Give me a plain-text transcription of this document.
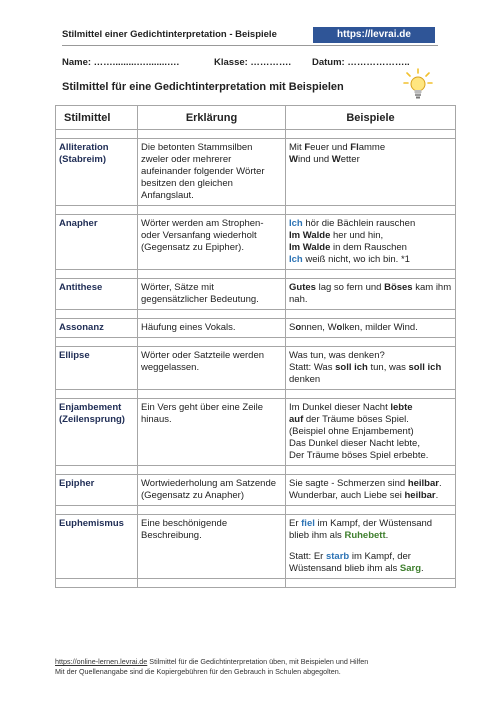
Stilmittel einer Gedichtinterpretation - Beispiele	https://levrai.de
Name: …….........…........….	Klasse: …………. Datum: ………………..
Stilmittel für eine Gedichtinterpretation mit Beispielen
Stilmittel	Erklärung	Beispiele

Alliteration (Stabreim)	Die betonten Stammsilben zweler oder mehrerer aufeinander folgender Wörter besitzen den gleichen Anfangslaut.	Mit Feuer und Flamme
Wind und Wetter

Anapher	Wörter werden am Strophen- oder Versanfang wiederholt (Gegensatz zu Epipher).	Ich hör die Bächlein rauschen
Im Walde her und hin,
Im Walde in dem Rauschen
Ich weiß nicht, wo ich bin. *1

Antithese	Wörter, Sätze mit gegensätzlicher Bedeutung.	Gutes lag so fern und Böses kam ihm nah.

Assonanz	Häufung eines Vokals.	Sonnen, Wolken, milder Wind.

Ellipse	Wörter oder Satzteile werden weggelassen.	Was tun, was denken?
Statt: Was soll ich tun, was soll ich denken

Enjambement (Zeilensprung)	Ein Vers geht über eine Zeile hinaus.	Im Dunkel dieser Nacht lebte
auf der Träume böses Spiel.
(Beispiel ohne Enjambement)
Das Dunkel dieser Nacht lebte,
Der Träume böses Spiel erbebte.

Epipher	Wortwiederholung am Satzende (Gegensatz zu Anapher)	Sie sagte - Schmerzen sind heilbar.
Wunderbar, auch Liebe sei heilbar.

Euphemismus	Eine beschönigende Beschreibung.	Er fiel im Kampf, der Wüstensand
blieb ihm als Ruhebett.
Statt: Er starb im Kampf, der
Wüstensand blieb ihm als Sarg.

https://online-lernen.levrai.de Stilmittel für die Gedichtinterpretation üben, mit Beispielen und Hilfen
Mit der Quellenangabe sind die Kopiergebühren für den Gebrauch in Schulen abgegolten.
